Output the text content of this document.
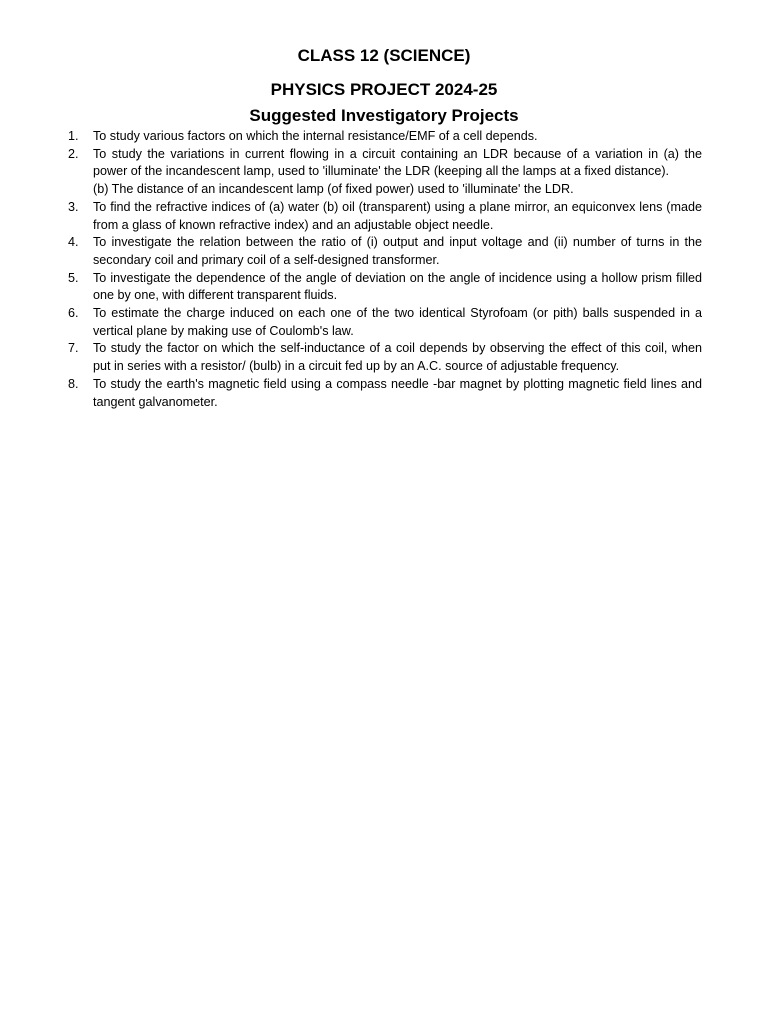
CLASS 12 (SCIENCE)
PHYSICS PROJECT 2024-25
Suggested Investigatory Projects
1. To study various factors on which the internal resistance/EMF of a cell depends.
2. To study the variations in current flowing in a circuit containing an LDR because of a variation in (a) the power of the incandescent lamp, used to 'illuminate' the LDR (keeping all the lamps at a fixed distance).
(b) The distance of an incandescent lamp (of fixed power) used to 'illuminate' the LDR.
3. To find the refractive indices of (a) water (b) oil (transparent) using a plane mirror, an equiconvex lens (made from a glass of known refractive index) and an adjustable object needle.
4. To investigate the relation between the ratio of (i) output and input voltage and (ii) number of turns in the secondary coil and primary coil of a self-designed transformer.
5. To investigate the dependence of the angle of deviation on the angle of incidence using a hollow prism filled one by one, with different transparent fluids.
6. To estimate the charge induced on each one of the two identical Styrofoam (or pith) balls suspended in a vertical plane by making use of Coulomb's law.
7. To study the factor on which the self-inductance of a coil depends by observing the effect of this coil, when put in series with a resistor/ (bulb) in a circuit fed up by an A.C. source of adjustable frequency.
8. To study the earth's magnetic field using a compass needle -bar magnet by plotting magnetic field lines and tangent galvanometer.
